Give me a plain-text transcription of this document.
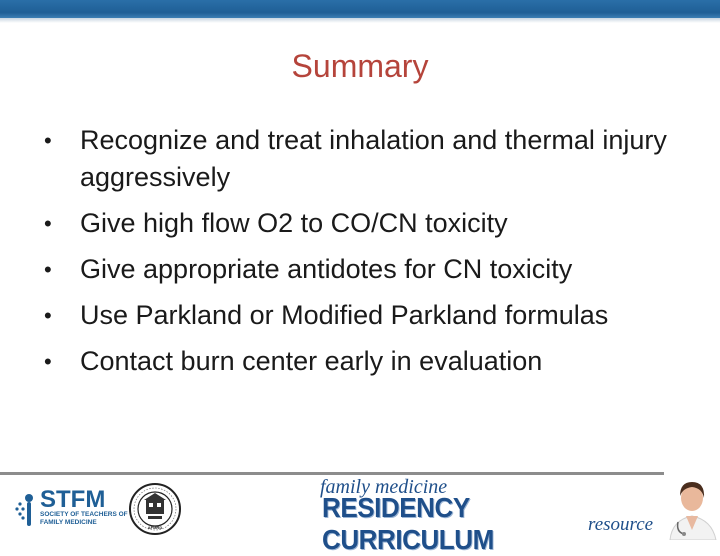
Summary
• Recognize and treat inhalation and thermal injury aggressively
• Give high flow O2 to CO/CN toxicity
• Give appropriate antidotes for CN toxicity
• Use Parkland or Modified Parkland formulas
• Contact burn center early in evaluation
STFM
SOCIETY OF TEACHERS OF
FAMILY MEDICINE
AFMRD
family medicine
RESIDENCY CURRICULUM	resource
